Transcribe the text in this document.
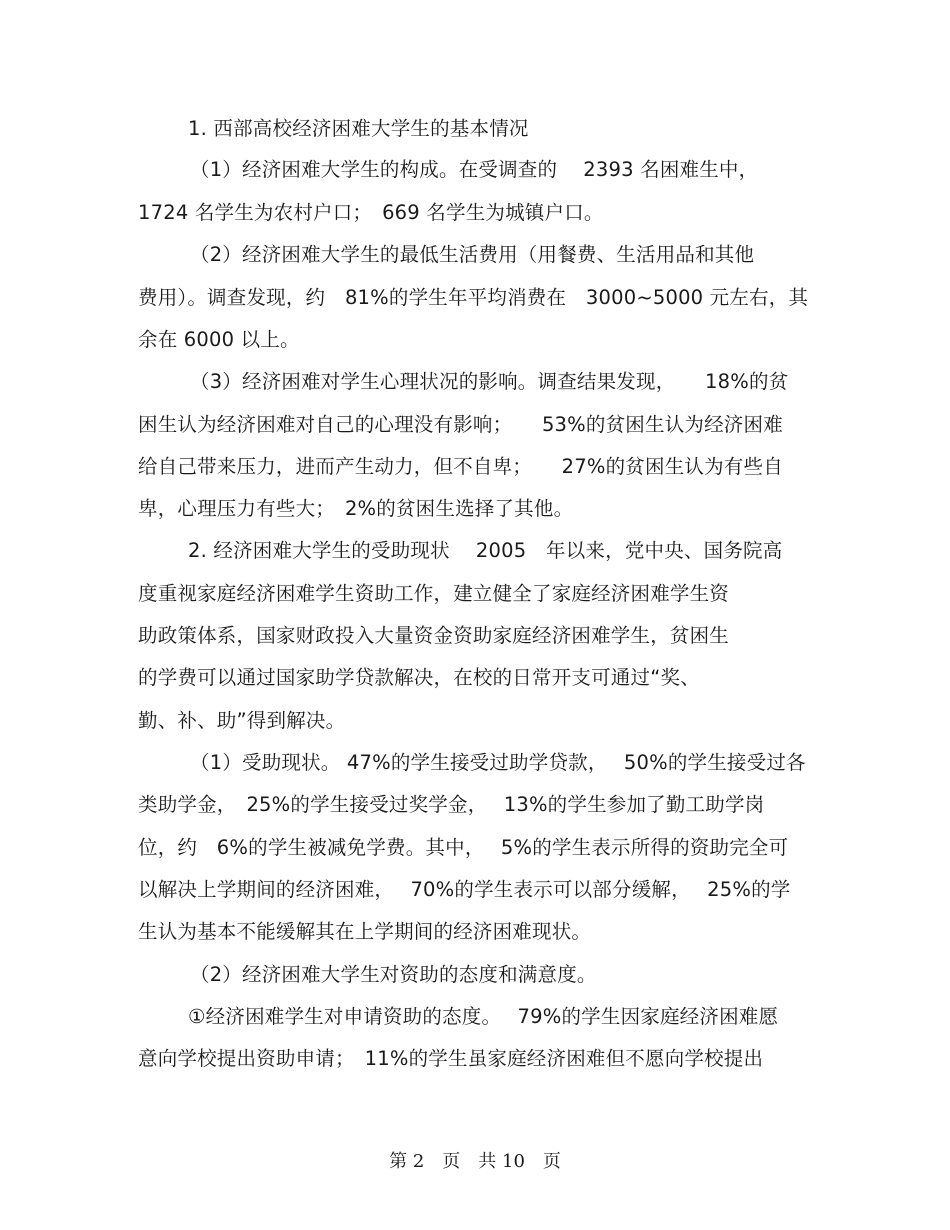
1. 西部高校经济困难大学生的基本情况
（1）经济困难大学生的构成。在受调查的　 2393 名困难生中，
1724 名学生为农村户口；　669 名学生为城镇户口。
（2）经济困难大学生的最低生活费用（用餐费、生活用品和其他
费用）。调查发现，约　81%的学生年平均消费在　3000~5000 元左右，其
余在 6000 以上。
（3）经济困难对学生心理状况的影响。调查结果发现，　　18%的贫
困生认为经济困难对自己的心理没有影响；　　53%的贫困生认为经济困难
给自己带来压力，进而产生动力，但不自卑；　　27%的贫困生认为有些自
卑，心理压力有些大；　2%的贫困生选择了其他。
2. 经济困难大学生的受助现状　 2005　年以来，党中央、国务院高
度重视家庭经济困难学生资助工作，建立健全了家庭经济困难学生资
助政策体系，国家财政投入大量资金资助家庭经济困难学生，贫困生
的学费可以通过国家助学贷款解决，在校的日常开支可通过“奖、
勤、补、助”得到解决。
（1）受助现状。 47%的学生接受过助学贷款，　 50%的学生接受过各
类助学金，　25%的学生接受过奖学金，　 13%的学生参加了勤工助学岗
位，约　6%的学生被减免学费。其中，　 5%的学生表示所得的资助完全可
以解决上学期间的经济困难，　 70%的学生表示可以部分缓解，　 25%的学
生认为基本不能缓解其在上学期间的经济困难现状。
（2）经济困难大学生对资助的态度和满意度。
①经济困难学生对申请资助的态度。　 79%的学生因家庭经济困难愿
意向学校提出资助申请；　11%的学生虽家庭经济困难但不愿向学校提出
第 2　页　共 10　页
